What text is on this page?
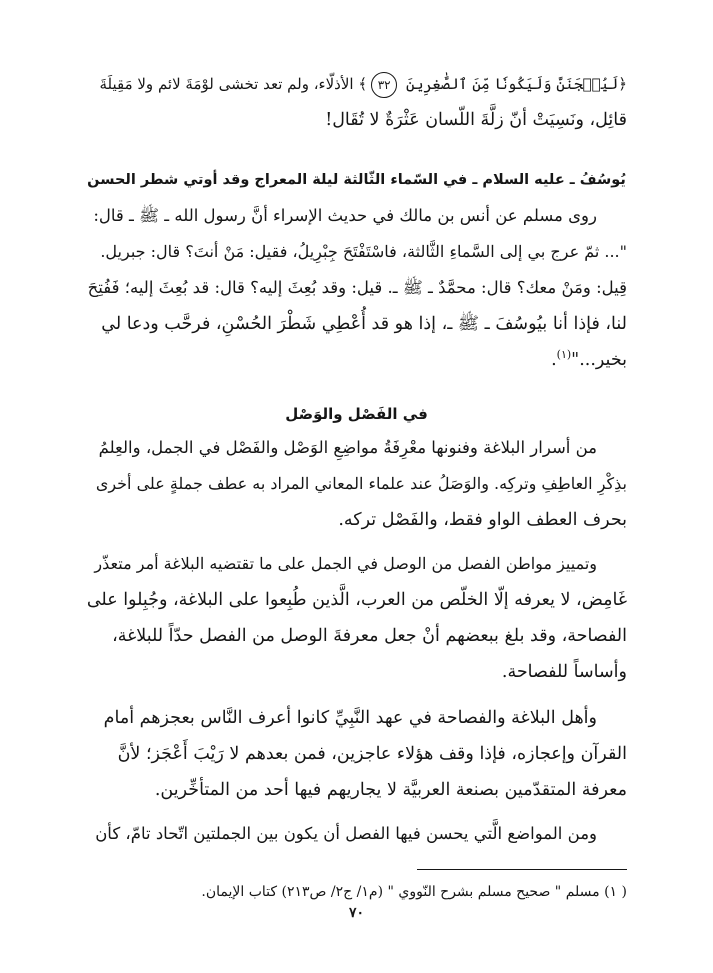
﴿لَيُسۡجَنَنَّ وَلَيَكُونٗا مِّنَ ٱلصَّٰغِرِينَ ٣٢﴾ الأذلّاء، ولم تعد تخشى لوْمَةَ لائم ولا مَقِيلَةَ
قائِل، ونَسِيَتْ أنّ زلَّةَ اللّسان عَثْرَةٌ لا تُقَال!
يُوسُفُ ـ عليه السلام ـ في السّماء الثّالثة ليلة المعراج وقد أوتي شطر الحسن
روى مسلم عن أنس بن مالك في حديث الإسراء أنَّ رسول الله ـ ﷺ ـ قال:
"... ثمّ عرج بي إلى السَّماءِ الثَّالثة، فاسْتَفْتَحَ جِبْرِيلُ، فقيل: مَنْ أنتَ؟ قال: جبريل.
قِيل: ومَنْ معك؟ قال: محمَّدٌ ـ ﷺ ـ. قيل: وقد بُعِثَ إليه؟ قال: قد بُعِثَ إليه؛ فَفُتِحَ
لنا، فإذا أنا بيُوسُفَ ـ ﷺ ـ، إذا هو قد أُعْطِي شَطْرَ الحُسْنِ، فرحَّب ودعا لي
بخير..."$^{(١)}$.
في الفَصْل والوَصْل
من أسرار البلاغة وفنونها معْرِفَةُ مواضِعِ الوَصْل والفَصْل في الجمل، والعِلمُ
بذِكْرِ العاطِفِ وتركِه. والوَصَلُ عند علماء المعاني المراد به عطف جملةٍ على أخرى
بحرف العطف الواو فقط، والفَصْل تركه.
وتمييز مواطن الفصل من الوصل في الجمل على ما تقتضيه البلاغة أمر متعذّر
غَامِض، لا يعرفه إلّا الخلّص من العرب، الَّذين طُبِعوا على البلاغة، وجُبِلوا على
الفصاحة، وقد بلغ ببعضهم أنْ جعل معرفةَ الوصل من الفصل حدّاً للبلاغة،
وأساساً للفصاحة.
وأهل البلاغة والفصاحة في عهد النَّبِيِّ كانوا أعرف النَّاس بعجزهم أمام
القرآن وإعجازه، فإذا وقف هؤلاء عاجزين، فمن بعدهم لا رَيْبَ أَعْجَز؛ لأنَّ
معرفة المتقدّمين بصنعة العربيَّة لا يجاريهم فيها أحد من المتأخِّرين.
ومن المواضع الَّتي يحسن فيها الفصل أن يكون بين الجملتين اتّحاد تامّ، كأن
( ١) مسلم " صحيح مسلم بشرح النّووي " (م١/ ج٢/ ص٢١٣) كتاب الإيمان.
٧٠
